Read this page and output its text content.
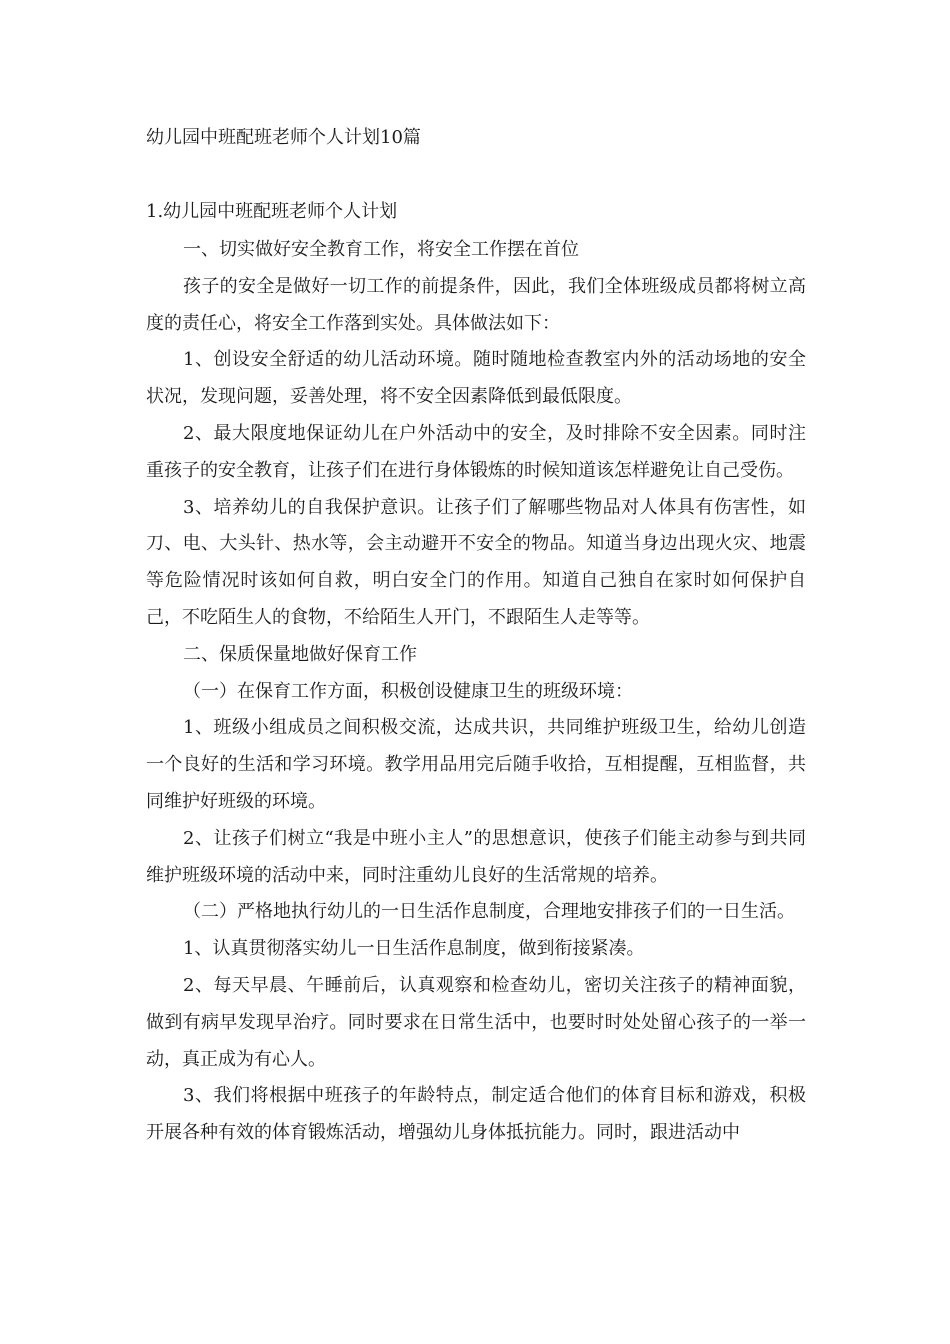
幼儿园中班配班老师个人计划10篇
1.幼儿园中班配班老师个人计划

一、切实做好安全教育工作，将安全工作摆在首位

孩子的安全是做好一切工作的前提条件，因此，我们全体班级成员都将树立高度的责任心，将安全工作落到实处。具体做法如下：

1、创设安全舒适的幼儿活动环境。随时随地检查教室内外的活动场地的安全状况，发现问题，妥善处理，将不安全因素降低到最低限度。

2、最大限度地保证幼儿在户外活动中的安全，及时排除不安全因素。同时注重孩子的安全教育，让孩子们在进行身体锻炼的时候知道该怎样避免让自己受伤。

3、培养幼儿的自我保护意识。让孩子们了解哪些物品对人体具有伤害性，如刀、电、大头针、热水等，会主动避开不安全的物品。知道当身边出现火灾、地震等危险情况时该如何自救，明白安全门的作用。知道自己独自在家时如何保护自己，不吃陌生人的食物，不给陌生人开门，不跟陌生人走等等。

二、保质保量地做好保育工作

（一）在保育工作方面，积极创设健康卫生的班级环境：

1、班级小组成员之间积极交流，达成共识，共同维护班级卫生，给幼儿创造一个良好的生活和学习环境。教学用品用完后随手收拾，互相提醒，互相监督，共同维护好班级的环境。

2、让孩子们树立“我是中班小主人”的思想意识，使孩子们能主动参与到共同维护班级环境的活动中来，同时注重幼儿良好的生活常规的培养。

（二）严格地执行幼儿的一日生活作息制度，合理地安排孩子们的一日生活。

1、认真贯彻落实幼儿一日生活作息制度，做到衔接紧凑。

2、每天早晨、午睡前后，认真观察和检查幼儿，密切关注孩子的精神面貌，做到有病早发现早治疗。同时要求在日常生活中，也要时时处处留心孩子的一举一动，真正成为有心人。

3、我们将根据中班孩子的年龄特点，制定适合他们的体育目标和游戏，积极开展各种有效的体育锻炼活动，增强幼儿身体抵抗能力。同时，跟进活动中
